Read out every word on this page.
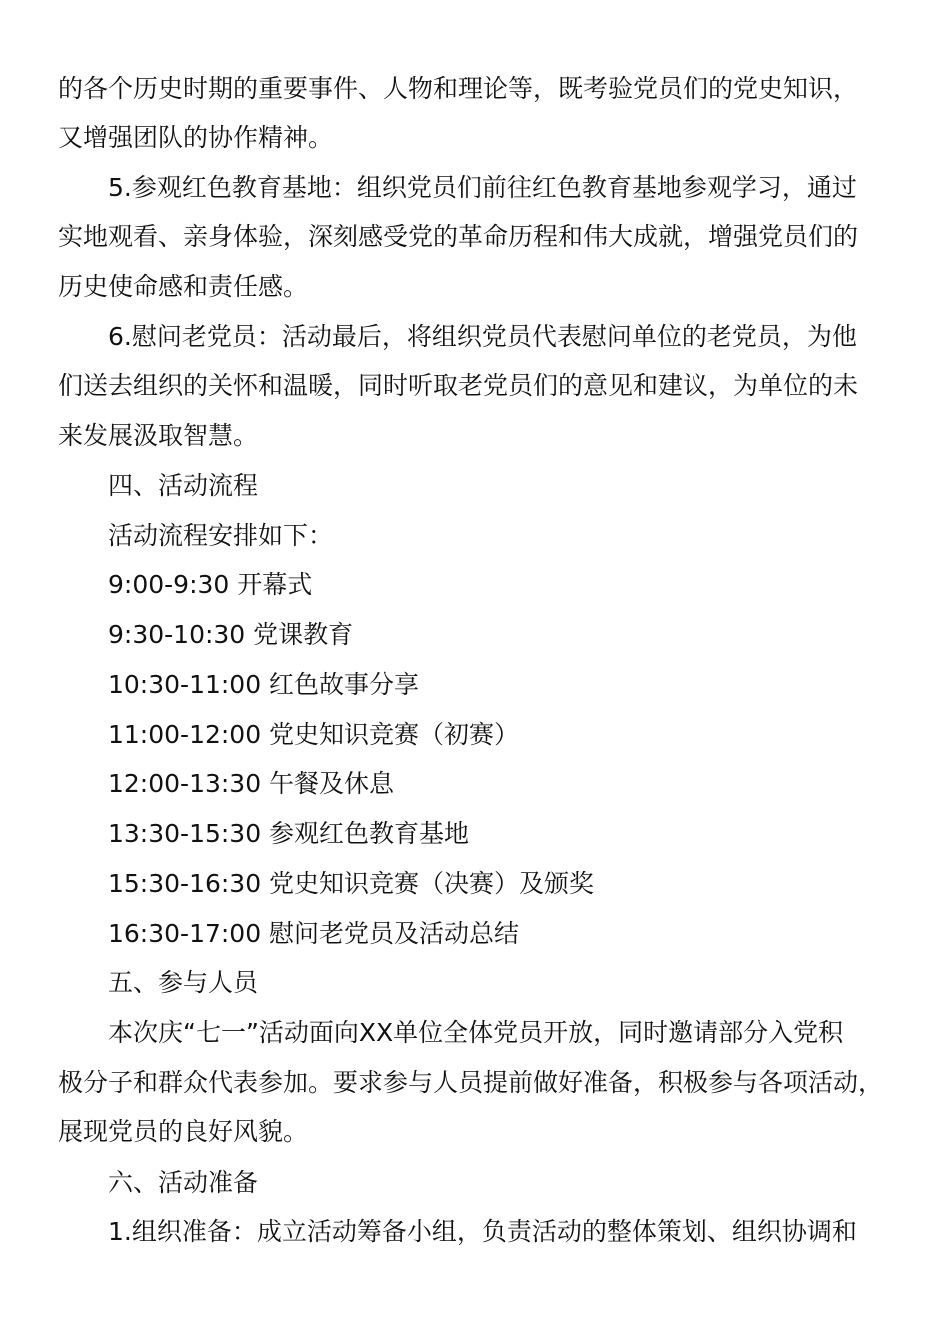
的各个历史时期的重要事件、人物和理论等，既考验党员们的党史知识，
又增强团队的协作精神。
5.参观红色教育基地：组织党员们前往红色教育基地参观学习，通过
实地观看、亲身体验，深刻感受党的革命历程和伟大成就，增强党员们的
历史使命感和责任感。
6.慰问老党员：活动最后，将组织党员代表慰问单位的老党员，为他
们送去组织的关怀和温暖，同时听取老党员们的意见和建议，为单位的未
来发展汲取智慧。
四、活动流程
活动流程安排如下：
9:00-9:30 开幕式
9:30-10:30 党课教育
10:30-11:00 红色故事分享
11:00-12:00 党史知识竞赛（初赛）
12:00-13:30 午餐及休息
13:30-15:30 参观红色教育基地
15:30-16:30 党史知识竞赛（决赛）及颁奖
16:30-17:00 慰问老党员及活动总结
五、参与人员
本次庆“七一”活动面向XX单位全体党员开放，同时邀请部分入党积
极分子和群众代表参加。要求参与人员提前做好准备，积极参与各项活动，
展现党员的良好风貌。
六、活动准备
1.组织准备：成立活动筹备小组，负责活动的整体策划、组织协调和
